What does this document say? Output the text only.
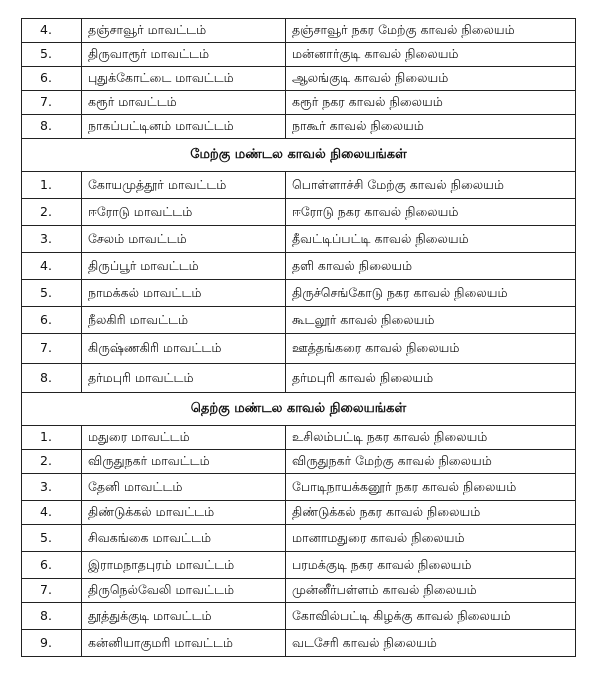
4.	தஞ்சாவூர் மாவட்டம்	தஞ்சாவூர் நகர மேற்கு காவல் நிலையம்
5.	திருவாரூர் மாவட்டம்	மன்னார்குடி காவல் நிலையம்
6.	புதுக்கோட்டை மாவட்டம்	ஆலங்குடி காவல் நிலையம்
7.	கரூர் மாவட்டம்	கரூர் நகர காவல் நிலையம்
8.	நாகப்பட்டினம் மாவட்டம்	நாகூர் காவல் நிலையம்
மேற்கு மண்டல காவல் நிலையங்கள்		
1.	கோயமுத்தூர் மாவட்டம்	பொள்ளாச்சி மேற்கு காவல் நிலையம்
2.	ஈரோடு மாவட்டம்	ஈரோடு நகர காவல் நிலையம்
3.	சேலம் மாவட்டம்	தீவட்டிப்பட்டி காவல் நிலையம்
4.	திருப்பூர் மாவட்டம்	தளி காவல் நிலையம்
5.	நாமக்கல் மாவட்டம்	திருச்செங்கோடு நகர காவல் நிலையம்
6.	நீலகிரி மாவட்டம்	கூடலூர் காவல் நிலையம்
7.	கிருஷ்ணகிரி மாவட்டம்	ஊத்தங்கரை காவல் நிலையம்
8.	தர்மபுரி மாவட்டம்	தர்மபுரி காவல் நிலையம்
தெற்கு மண்டல காவல் நிலையங்கள்		
1.	மதுரை மாவட்டம்	உசிலம்பட்டி நகர காவல் நிலையம்
2.	விருதுநகர் மாவட்டம்	விருதுநகர் மேற்கு காவல் நிலையம்
3.	தேனி மாவட்டம்	போடிநாயக்கனூர் நகர காவல் நிலையம்
4.	திண்டுக்கல் மாவட்டம்	திண்டுக்கல் நகர காவல் நிலையம்
5.	சிவகங்கை மாவட்டம்	மானாமதுரை காவல் நிலையம்
6.	இராமநாதபுரம் மாவட்டம்	பரமக்குடி நகர காவல் நிலையம்
7.	திருநெல்வேலி மாவட்டம்	முன்னீர்பள்ளம் காவல் நிலையம்
8.	தூத்துக்குடி மாவட்டம்	கோவில்பட்டி கிழக்கு காவல் நிலையம்
9.	கன்னியாகுமரி மாவட்டம்	வடசேரி காவல் நிலையம்
